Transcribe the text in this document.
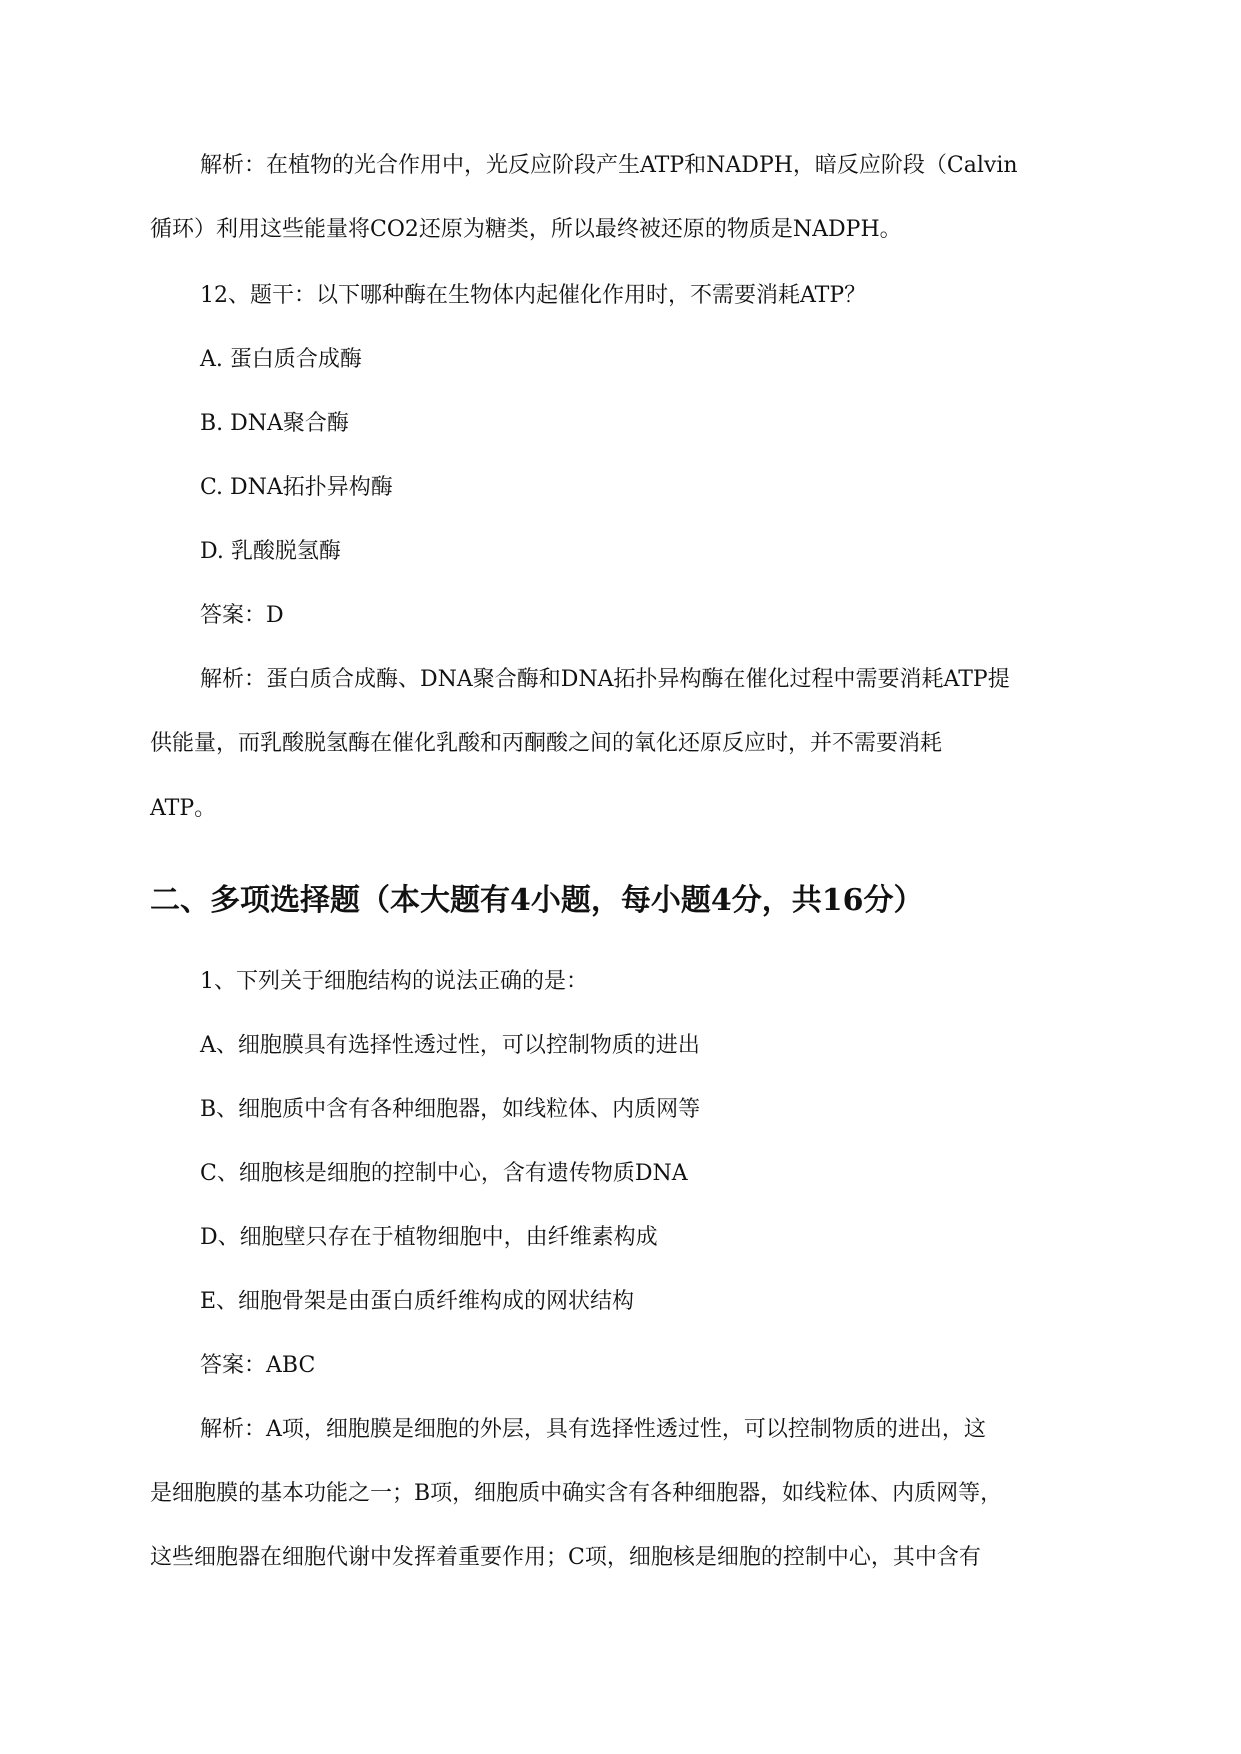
解析：在植物的光合作用中，光反应阶段产生ATP和NADPH，暗反应阶段（Calvin

循环）利用这些能量将CO2还原为糖类，所以最终被还原的物质是NADPH。

12、题干：以下哪种酶在生物体内起催化作用时，不需要消耗ATP？

A. 蛋白质合成酶

B. DNA聚合酶

C. DNA拓扑异构酶

D. 乳酸脱氢酶

答案：D

解析：蛋白质合成酶、DNA聚合酶和DNA拓扑异构酶在催化过程中需要消耗ATP提

供能量，而乳酸脱氢酶在催化乳酸和丙酮酸之间的氧化还原反应时，并不需要消耗

ATP。

二、多项选择题（本大题有4小题，每小题4分，共16分）

1、下列关于细胞结构的说法正确的是：

A、细胞膜具有选择性透过性，可以控制物质的进出

B、细胞质中含有各种细胞器，如线粒体、内质网等

C、细胞核是细胞的控制中心，含有遗传物质DNA

D、细胞壁只存在于植物细胞中，由纤维素构成

E、细胞骨架是由蛋白质纤维构成的网状结构

答案：ABC

解析：A项，细胞膜是细胞的外层，具有选择性透过性，可以控制物质的进出，这

是细胞膜的基本功能之一；B项，细胞质中确实含有各种细胞器，如线粒体、内质网等，

这些细胞器在细胞代谢中发挥着重要作用；C项，细胞核是细胞的控制中心，其中含有
